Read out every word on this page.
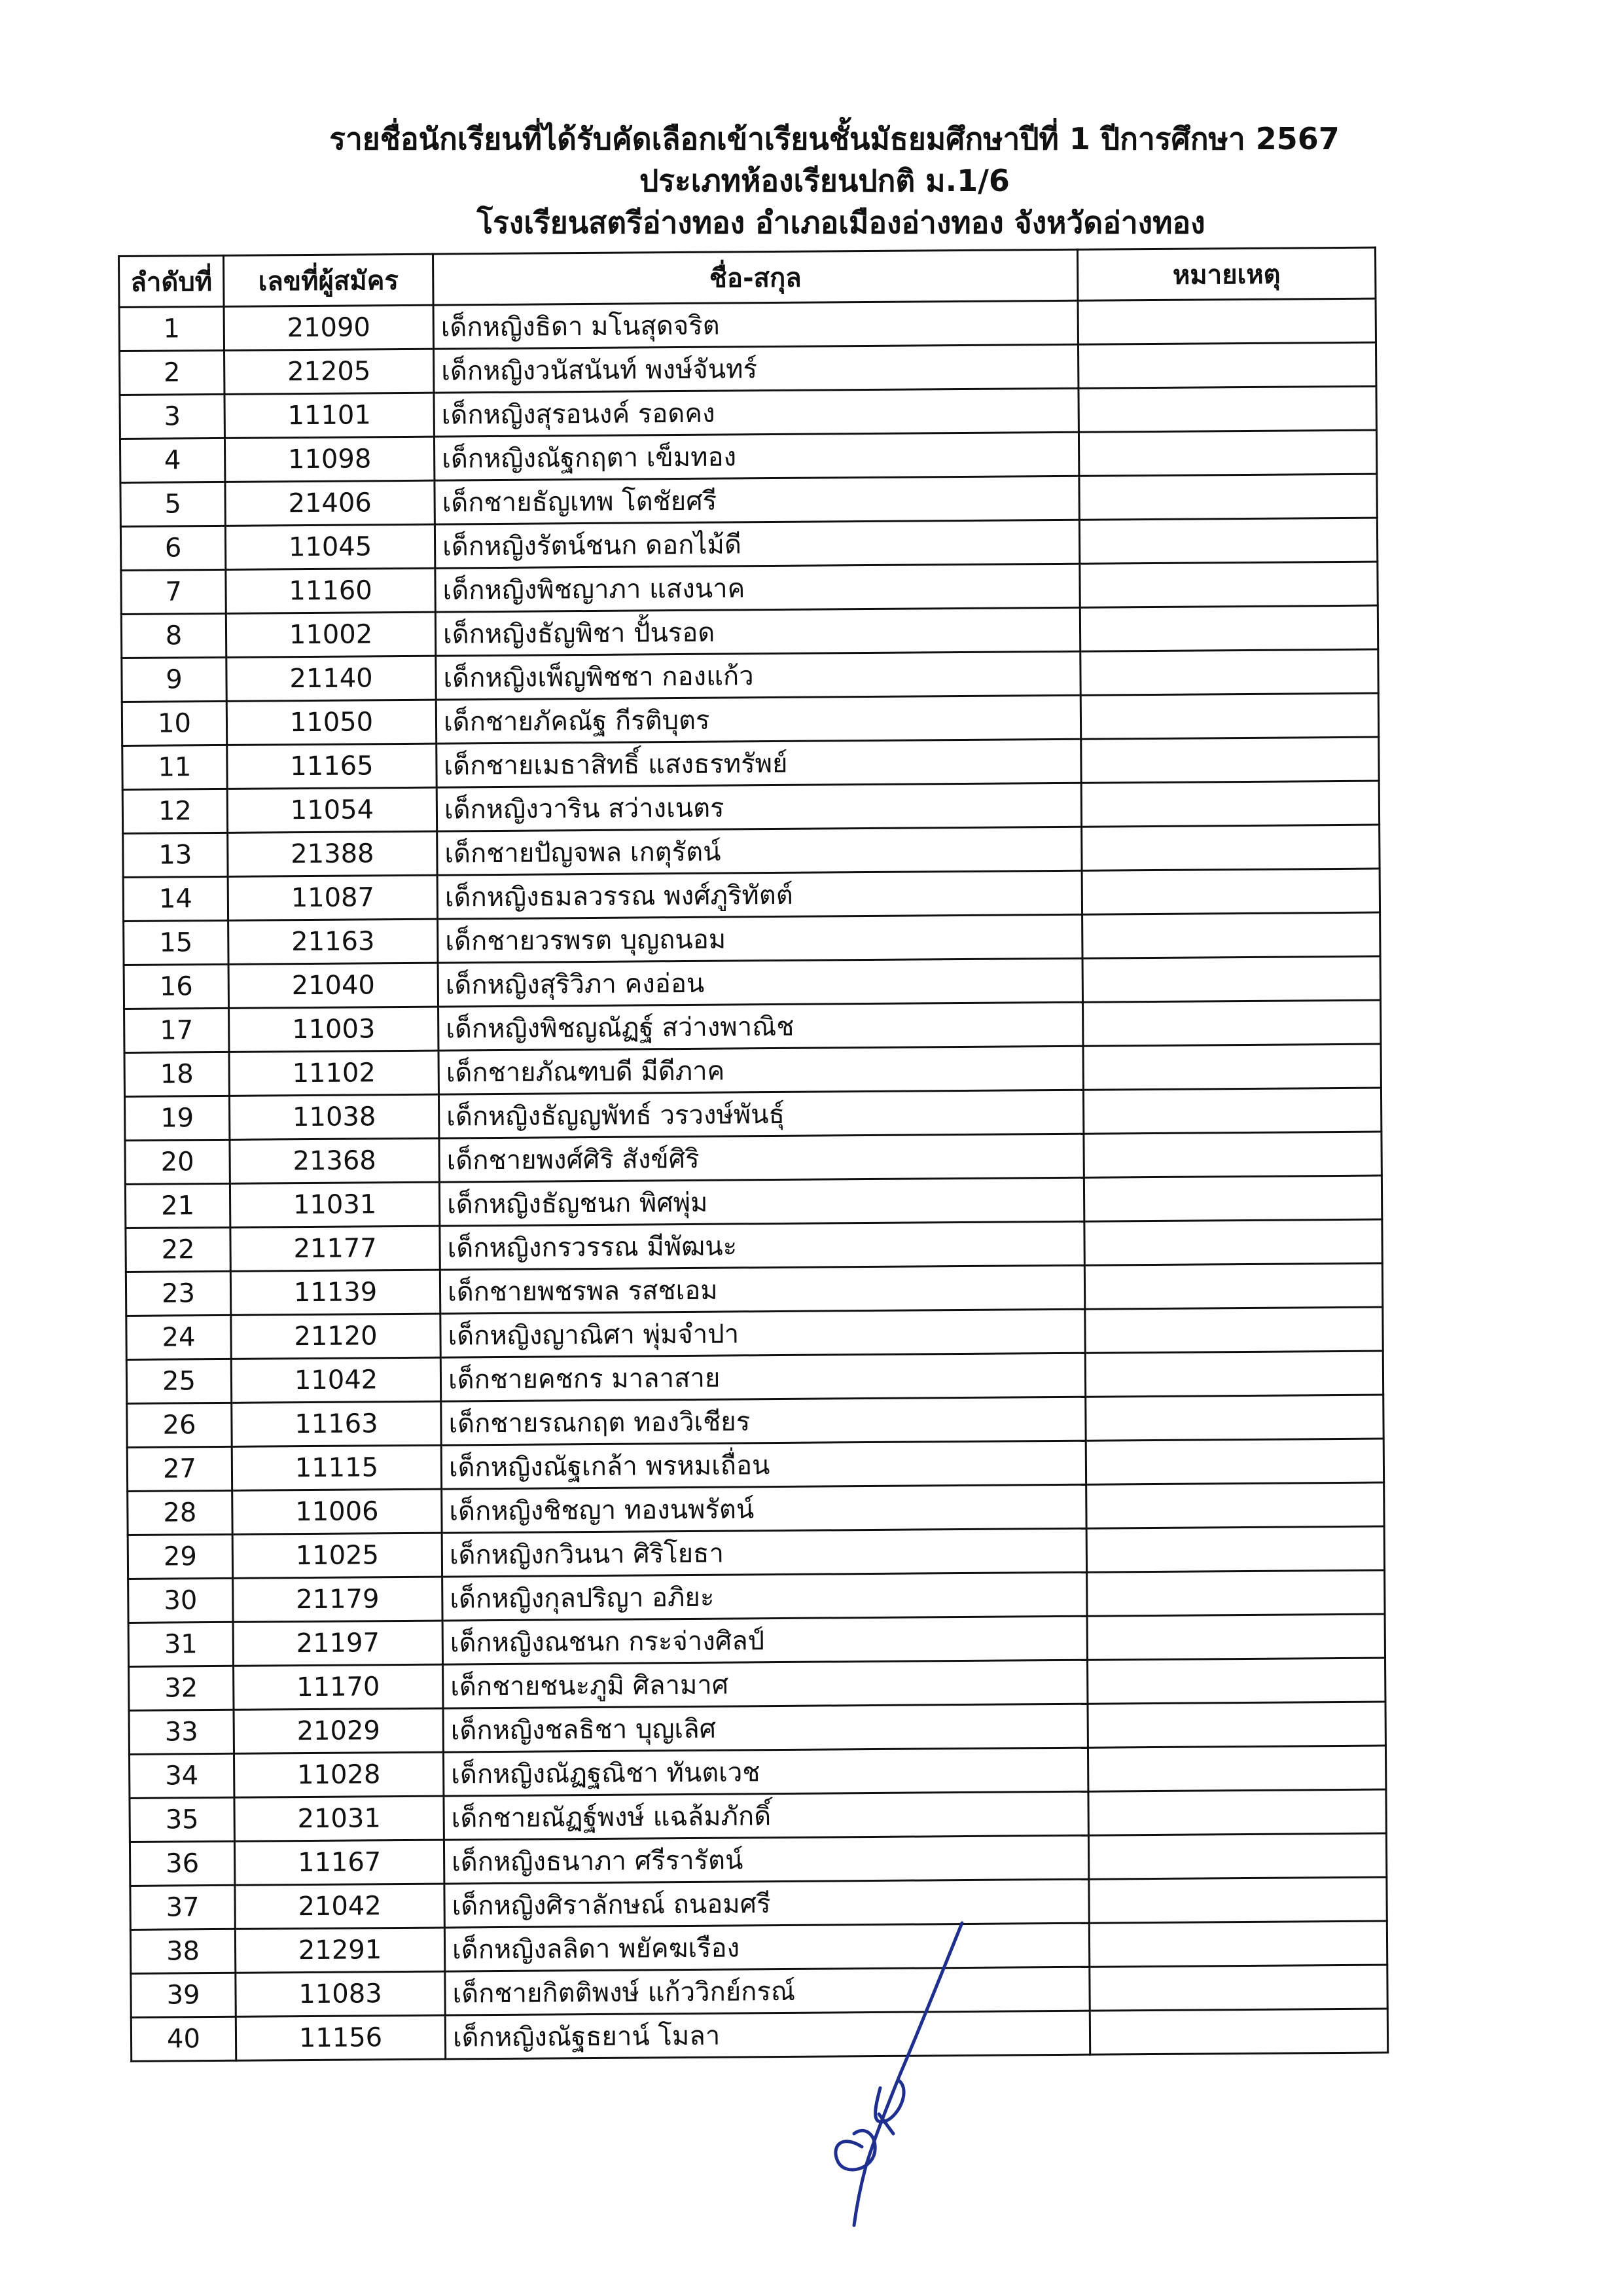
รายชื่อนักเรียนที่ได้รับคัดเลือกเข้าเรียนชั้นมัธยมศึกษาปีที่ 1 ปีการศึกษา 2567
ประเภทห้องเรียนปกติ ม.1/6
โรงเรียนสตรีอ่างทอง อำเภอเมืองอ่างทอง จังหวัดอ่างทอง
ลำดับที่	เลขที่ผู้สมัคร	ชื่อ-สกุล	หมายเหตุ
1	21090	เด็กหญิงธิดา มโนสุดจริต	
2	21205	เด็กหญิงวนัสนันท์ พงษ์จันทร์	
3	11101	เด็กหญิงสุรอนงค์ รอดคง	
4	11098	เด็กหญิงณัฐกฤตา เข็มทอง	
5	21406	เด็กชายธัญเทพ โตชัยศรี	
6	11045	เด็กหญิงรัตน์ชนก ดอกไม้ดี	
7	11160	เด็กหญิงพิชญาภา แสงนาค	
8	11002	เด็กหญิงธัญพิชา ปั้นรอด	
9	21140	เด็กหญิงเพ็ญพิชชา กองแก้ว	
10	11050	เด็กชายภัคณัฐ กีรติบุตร	
11	11165	เด็กชายเมธาสิทธิ์ แสงธรทรัพย์	
12	11054	เด็กหญิงวาริน สว่างเนตร	
13	21388	เด็กชายปัญจพล เกตุรัตน์	
14	11087	เด็กหญิงธมลวรรณ พงศ์ภูริทัตต์	
15	21163	เด็กชายวรพรต บุญถนอม	
16	21040	เด็กหญิงสุริวิภา คงอ่อน	
17	11003	เด็กหญิงพิชญณัฏฐ์ สว่างพาณิช	
18	11102	เด็กชายภัณฑบดี มีดีภาค	
19	11038	เด็กหญิงธัญญพัทธ์ วรวงษ์พันธุ์	
20	21368	เด็กชายพงศ์ศิริ สังข์ศิริ	
21	11031	เด็กหญิงธัญชนก พิศพุ่ม	
22	21177	เด็กหญิงกรวรรณ มีพัฒนะ	
23	11139	เด็กชายพชรพล รสชเอม	
24	21120	เด็กหญิงญาณิศา พุ่มจำปา	
25	11042	เด็กชายคชกร มาลาสาย	
26	11163	เด็กชายรณกฤต ทองวิเชียร	
27	11115	เด็กหญิงณัฐเกล้า พรหมเถื่อน	
28	11006	เด็กหญิงชิชญา ทองนพรัตน์	
29	11025	เด็กหญิงกวินนา ศิริโยธา	
30	21179	เด็กหญิงกุลปริญา อภิยะ	
31	21197	เด็กหญิงณชนก กระจ่างศิลป์	
32	11170	เด็กชายชนะภูมิ ศิลามาศ	
33	21029	เด็กหญิงชลธิชา บุญเลิศ	
34	11028	เด็กหญิงณัฏฐณิชา ทันตเวช	
35	21031	เด็กชายณัฏฐ์พงษ์ แฉล้มภักดิ์	
36	11167	เด็กหญิงธนาภา ศรีรารัตน์	
37	21042	เด็กหญิงศิราลักษณ์ ถนอมศรี	
38	21291	เด็กหญิงลลิดา พยัคฆเรือง	
39	11083	เด็กชายกิตติพงษ์ แก้ววิกย์กรณ์	
40	11156	เด็กหญิงณัฐธยาน์ โมลา	
